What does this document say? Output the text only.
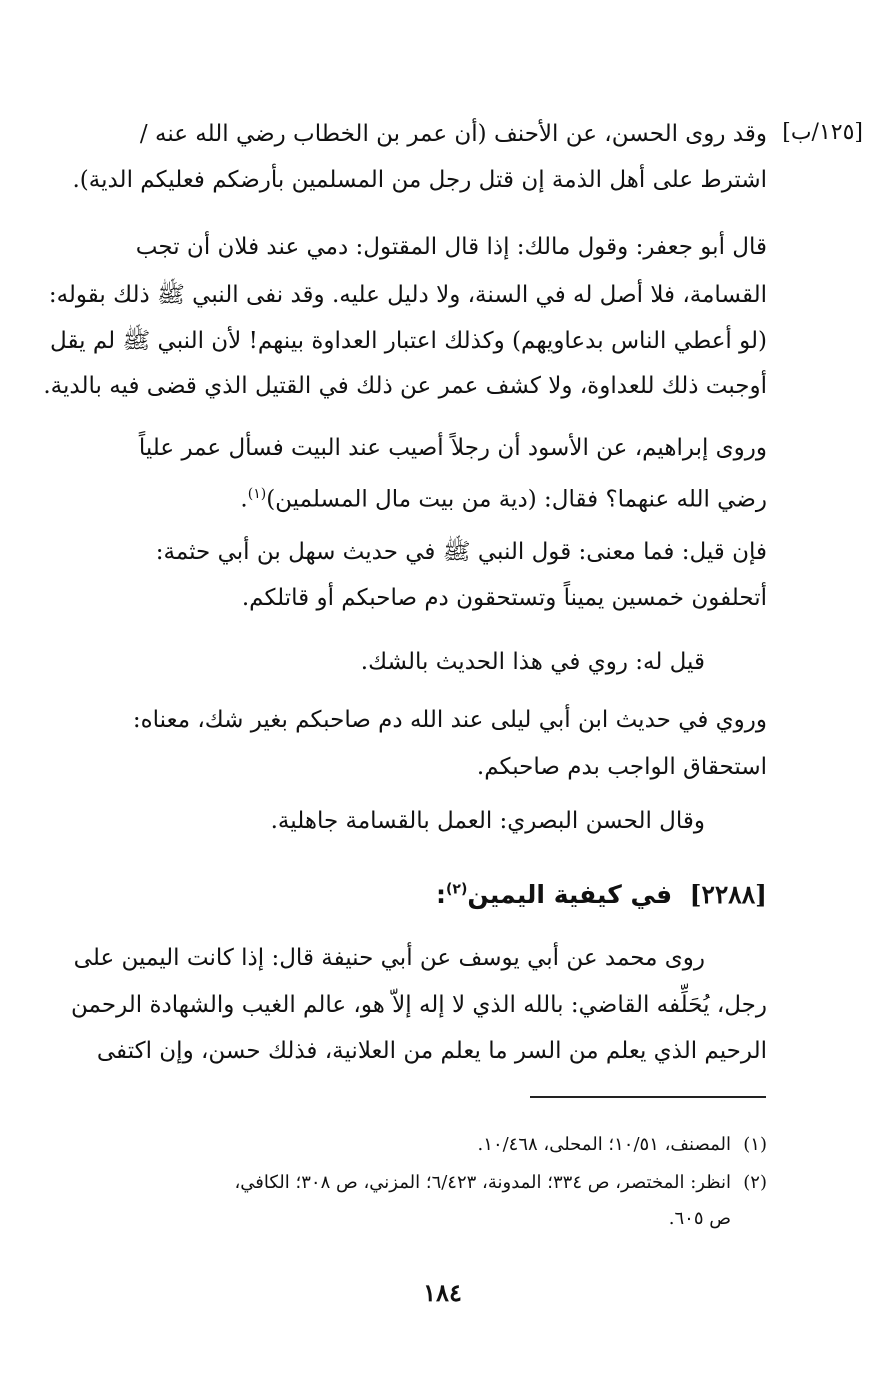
[١٢٥/ب]
وقد روى الحسن، عن الأحنف (أن عمر بن الخطاب رضي الله عنه /
اشترط على أهل الذمة إن قتل رجل من المسلمين بأرضكم فعليكم الدية).
قال أبو جعفر: وقول مالك: إذا قال المقتول: دمي عند فلان أن تجب
القسامة، فلا أصل له في السنة، ولا دليل عليه. وقد نفى النبي ﷺ ذلك بقوله:
(لو أعطي الناس بدعاويهم) وكذلك اعتبار العداوة بينهم! لأن النبي ﷺ لم يقل
أوجبت ذلك للعداوة، ولا كشف عمر عن ذلك في القتيل الذي قضى فيه بالدية.
وروى إبراهيم، عن الأسود أن رجلاً أصيب عند البيت فسأل عمر علياً
رضي الله عنهما؟ فقال: (دية من بيت مال المسلمين)$^{(١)}$.
فإن قيل: فما معنى: قول النبي ﷺ في حديث سهل بن أبي حثمة:
أتحلفون خمسين يميناً وتستحقون دم صاحبكم أو قاتلكم.
قيل له: روي في هذا الحديث بالشك.
وروي في حديث ابن أبي ليلى عند الله دم صاحبكم بغير شك، معناه:
استحقاق الواجب بدم صاحبكم.
وقال الحسن البصري: العمل بالقسامة جاهلية.
[٢٢٨٨]  في كيفية اليمين$^{(٢)}$:
روى محمد عن أبي يوسف عن أبي حنيفة قال: إذا كانت اليمين على
رجل، يُحَلِّفه القاضي: بالله الذي لا إله إلاّ هو، عالم الغيب والشهادة الرحمن
الرحيم الذي يعلم من السر ما يعلم من العلانية، فذلك حسن، وإن اكتفى
(١)المصنف، ١٠/٥١؛ المحلى، ١٠/٤٦٨.
(٢)انظر: المختصر، ص ٣٣٤؛ المدونة، ٦/٤٢٣؛ المزني، ص ٣٠٨؛ الكافي،
ص ٦٠٥.
١٨٤
